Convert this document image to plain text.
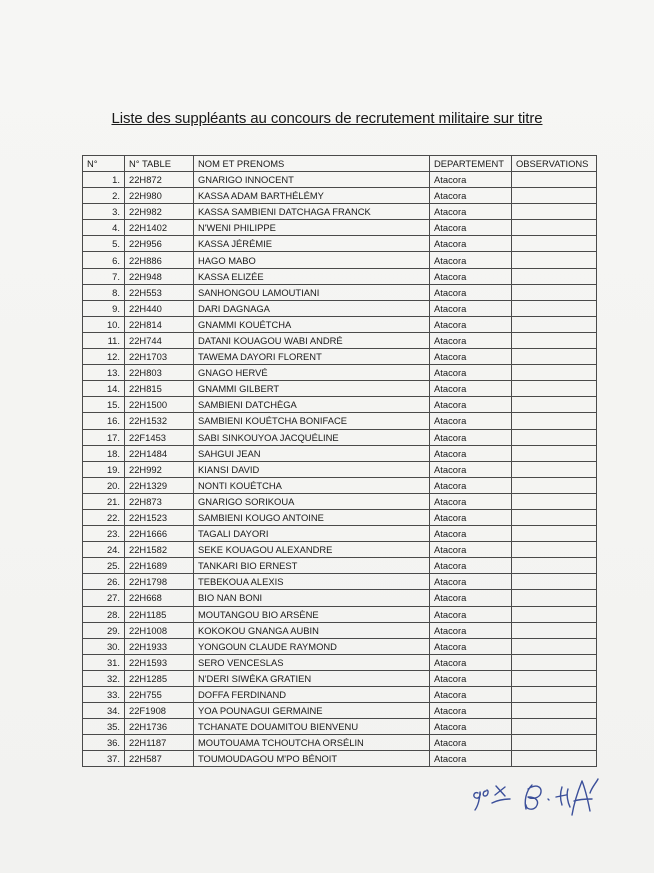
Liste des suppléants au concours de recrutement militaire sur titre
N°	N° TABLE	NOM ET PRENOMS	DEPARTEMENT	OBSERVATIONS
1.	22H872	GNARIGO INNOCENT	Atacora	
2.	22H980	KASSA ADAM BARTHÉLÉMY	Atacora	
3.	22H982	KASSA SAMBIENI DATCHAGA FRANCK	Atacora	
4.	22H1402	N'WENI PHILIPPE	Atacora	
5.	22H956	KASSA JÉRÉMIE	Atacora	
6.	22H886	HAGO MABO	Atacora	
7.	22H948	KASSA ELIZÉE	Atacora	
8.	22H553	SANHONGOU LAMOUTIANI	Atacora	
9.	22H440	DARI DAGNAGA	Atacora	
10.	22H814	GNAMMI KOUÉTCHA	Atacora	
11.	22H744	DATANI KOUAGOU WABI ANDRÉ	Atacora	
12.	22H1703	TAWEMA DAYORI FLORENT	Atacora	
13.	22H803	GNAGO HERVÉ	Atacora	
14.	22H815	GNAMMI GILBERT	Atacora	
15.	22H1500	SAMBIENI DATCHÈGA	Atacora	
16.	22H1532	SAMBIENI KOUÉTCHA BONIFACE	Atacora	
17.	22F1453	SABI SINKOUYOA JACQUÉLINE	Atacora	
18.	22H1484	SAHGUI JEAN	Atacora	
19.	22H992	KIANSI DAVID	Atacora	
20.	22H1329	NONTI KOUÉTCHA	Atacora	
21.	22H873	GNARIGO SORIKOUA	Atacora	
22.	22H1523	SAMBIENI KOUGO ANTOINE	Atacora	
23.	22H1666	TAGALI DAYORI	Atacora	
24.	22H1582	SEKE KOUAGOU ALEXANDRE	Atacora	
25.	22H1689	TANKARI BIO ERNEST	Atacora	
26.	22H1798	TEBEKOUA ALEXIS	Atacora	
27.	22H668	BIO NAN BONI	Atacora	
28.	22H1185	MOUTANGOU BIO ARSÈNE	Atacora	
29.	22H1008	KOKOKOU GNANGA AUBIN	Atacora	
30.	22H1933	YONGOUN CLAUDE RAYMOND	Atacora	
31.	22H1593	SERO VENCESLAS	Atacora	
32.	22H1285	N'DERI SIWÉKA GRATIEN	Atacora	
33.	22H755	DOFFA FERDINAND	Atacora	
34.	22F1908	YOA POUNAGUI GERMAINE	Atacora	
35.	22H1736	TCHANATE DOUAMITOU BIENVENU	Atacora	
36.	22H1187	MOUTOUAMA TCHOUTCHA ORSÉLIN	Atacora	
37.	22H587	TOUMOUDAGOU M'PO BÉNOIT	Atacora	
